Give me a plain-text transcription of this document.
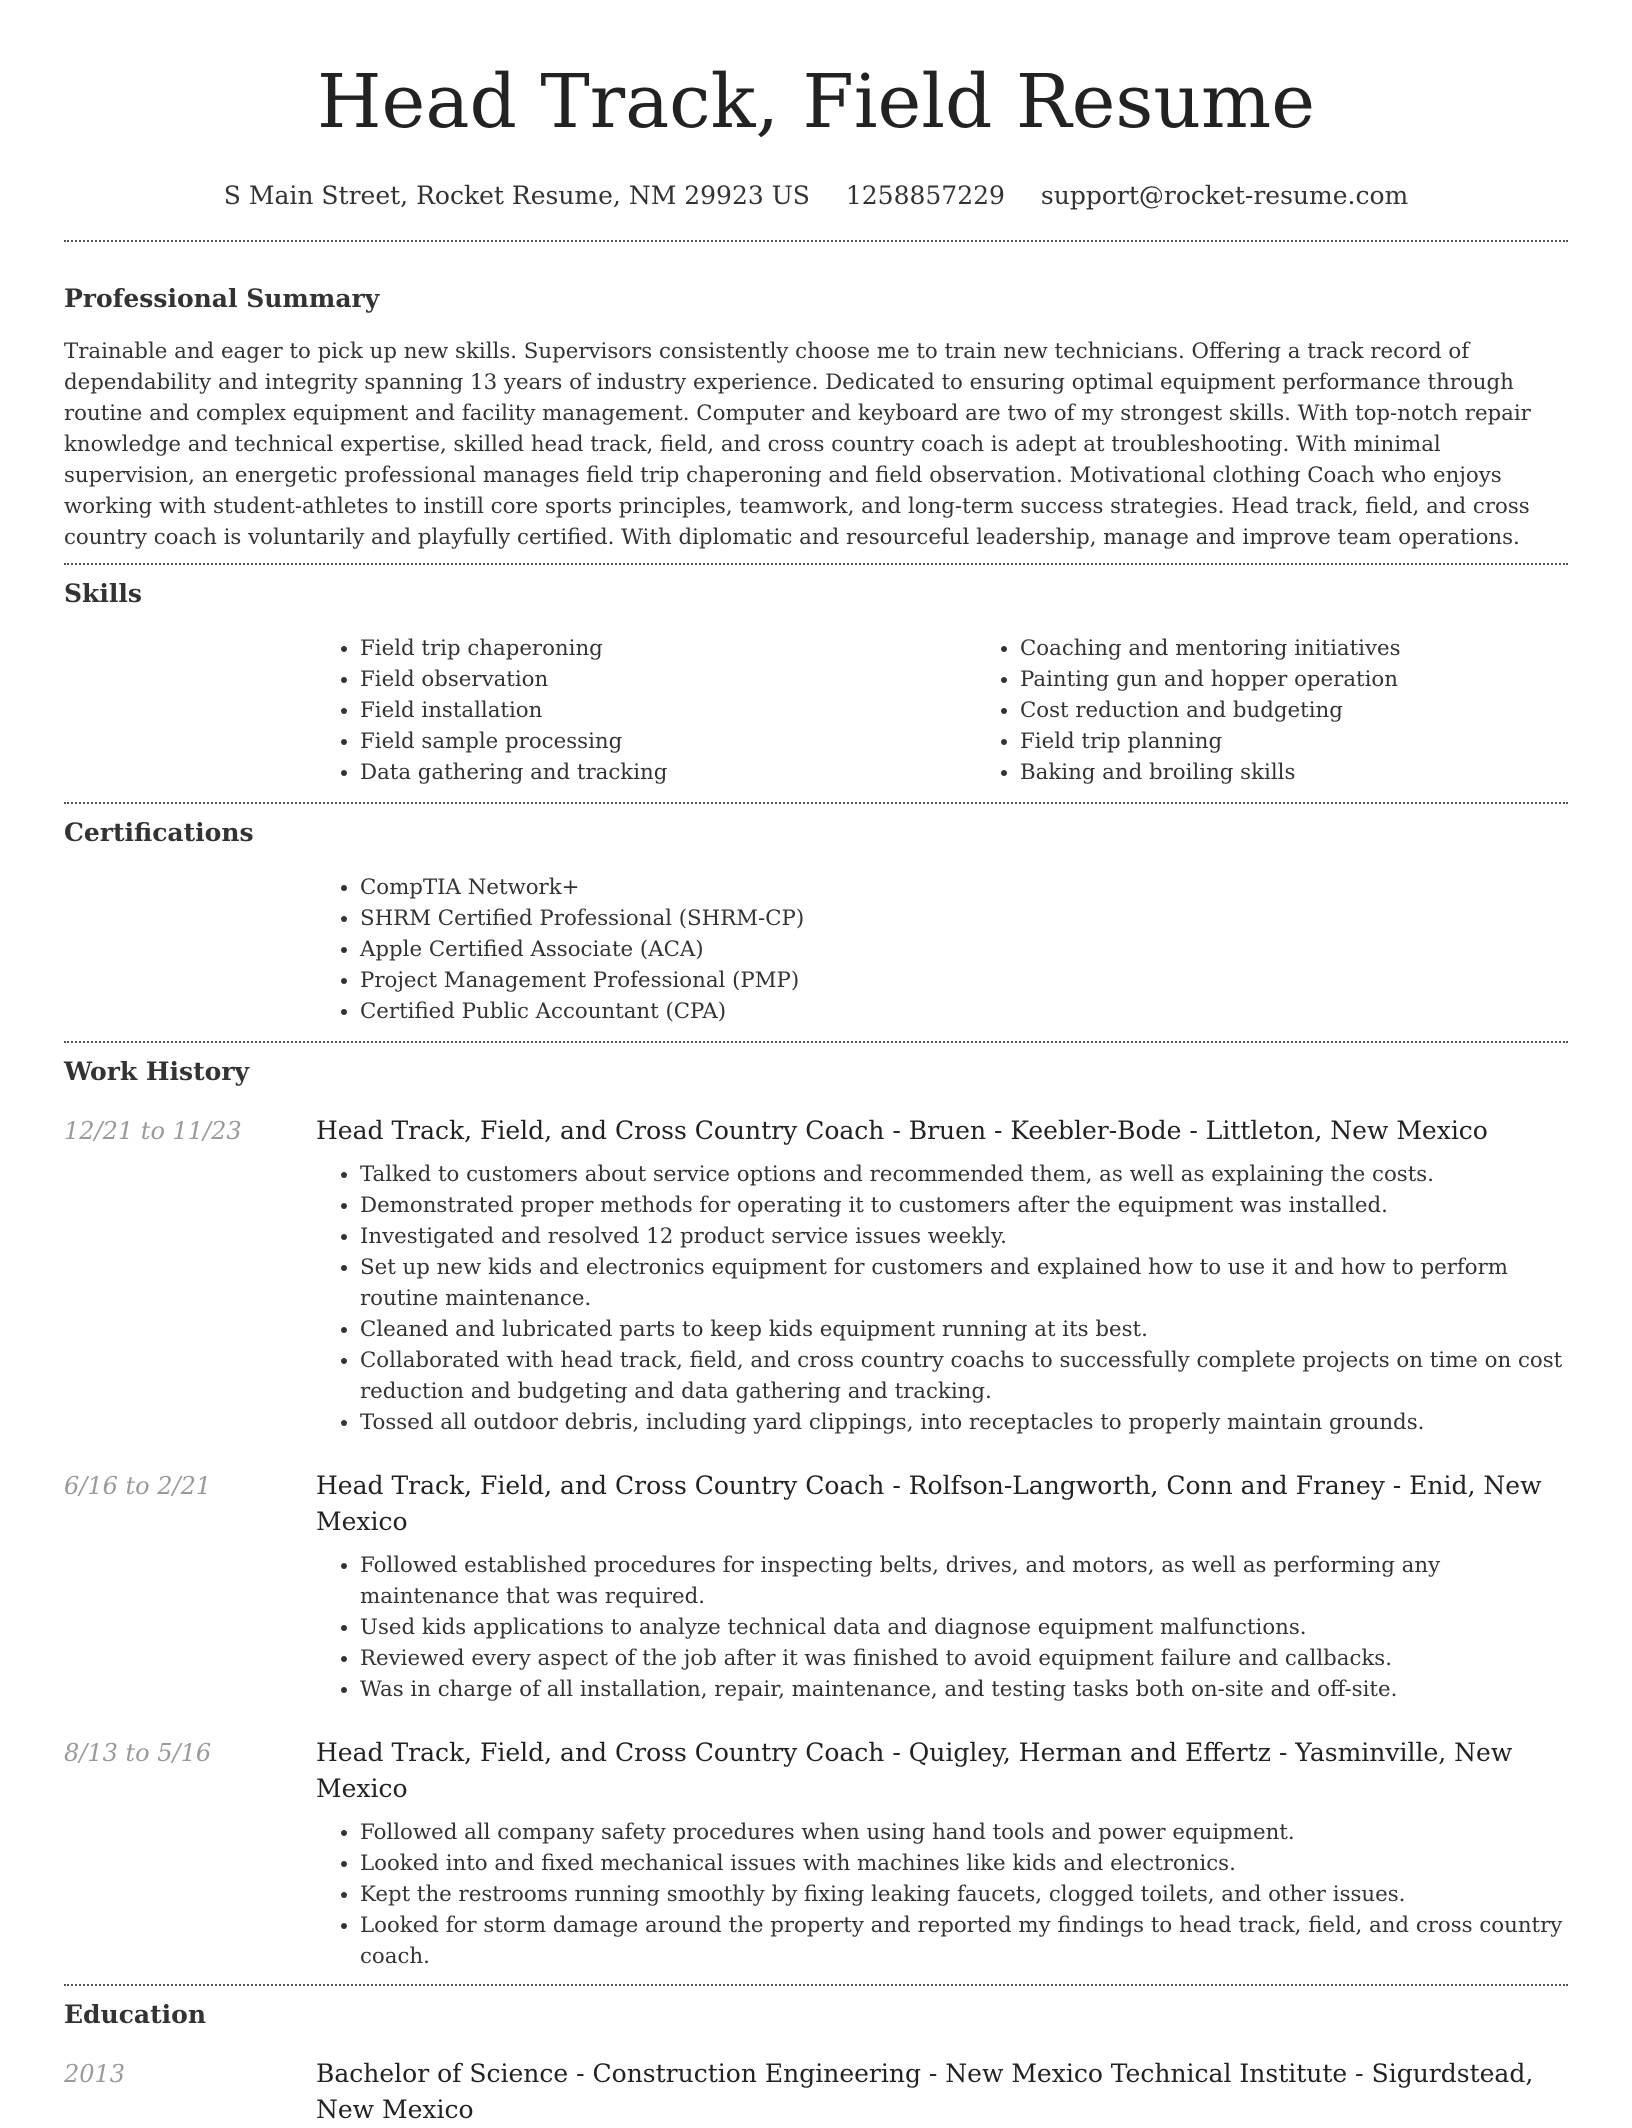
Head Track, Field Resume
S Main Street, Rocket Resume, NM 29923 US 1258857229 support@rocket-resume.com
Professional Summary

Trainable and eager to pick up new skills. Supervisors consistently choose me to train new technicians. Offering a track record of dependability and integrity spanning 13 years of industry experience. Dedicated to ensuring optimal equipment performance through routine and complex equipment and facility management. Computer and keyboard are two of my strongest skills. With top-notch repair knowledge and technical expertise, skilled head track, field, and cross country coach is adept at troubleshooting. With minimal supervision, an energetic professional manages field trip chaperoning and field observation. Motivational clothing Coach who enjoys working with student-athletes to instill core sports principles, teamwork, and long-term success strategies. Head track, field, and cross country coach is voluntarily and playfully certified. With diplomatic and resourceful leadership, manage and improve team operations.

Skills
• Field trip chaperoning
• Field observation
• Field installation
• Field sample processing
• Data gathering and tracking
• Coaching and mentoring initiatives
• Painting gun and hopper operation
• Cost reduction and budgeting
• Field trip planning
• Baking and broiling skills
Certifications
• CompTIA Network+
• SHRM Certified Professional (SHRM-CP)
• Apple Certified Associate (ACA)
• Project Management Professional (PMP)
• Certified Public Accountant (CPA)
Work History
12/21 to 11/23	Head Track, Field, and Cross Country Coach - Bruen - Keebler-Bode - Littleton, New Mexico
• Talked to customers about service options and recommended them, as well as explaining the costs.
• Demonstrated proper methods for operating it to customers after the equipment was installed.
• Investigated and resolved 12 product service issues weekly.
• Set up new kids and electronics equipment for customers and explained how to use it and how to perform routine maintenance.
• Cleaned and lubricated parts to keep kids equipment running at its best.
• Collaborated with head track, field, and cross country coachs to successfully complete projects on time on cost reduction and budgeting and data gathering and tracking.
• Tossed all outdoor debris, including yard clippings, into receptacles to properly maintain grounds.
6/16 to 2/21	Head Track, Field, and Cross Country Coach - Rolfson-Langworth, Conn and Franey - Enid, New Mexico
• Followed established procedures for inspecting belts, drives, and motors, as well as performing any maintenance that was required.
• Used kids applications to analyze technical data and diagnose equipment malfunctions.
• Reviewed every aspect of the job after it was finished to avoid equipment failure and callbacks.
• Was in charge of all installation, repair, maintenance, and testing tasks both on-site and off-site.
8/13 to 5/16	Head Track, Field, and Cross Country Coach - Quigley, Herman and Effertz - Yasminville, New Mexico
• Followed all company safety procedures when using hand tools and power equipment.
• Looked into and fixed mechanical issues with machines like kids and electronics.
• Kept the restrooms running smoothly by fixing leaking faucets, clogged toilets, and other issues.
• Looked for storm damage around the property and reported my findings to head track, field, and cross country coach.
Education
2013	Bachelor of Science - Construction Engineering - New Mexico Technical Institute - Sigurdstead, New Mexico
